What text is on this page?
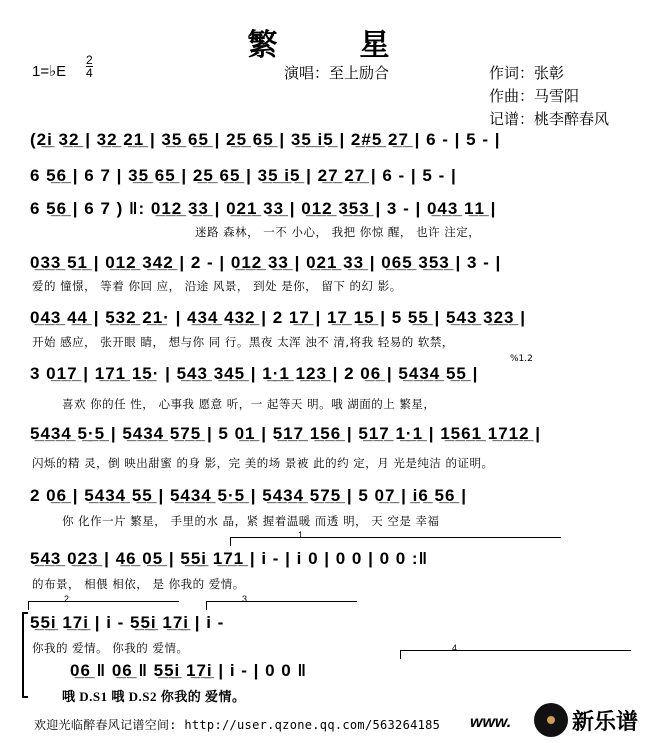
繁　星
1=♭E
2
4	演唱：至上励合	作词：张彰
作曲：马雪阳
记谱：桃李醉春风
(2̲i̲ 3̲2̲ | 3̲2̲ 2̲1̲ | 3̲5̲ 6̲5̲ | 2̲5̲ 6̲5̲ | 3̲5̲ i̲5̲ | 2̲#̲5̲ 2̲7̲ | 6 - | 5 - |
6 5̲6̲ | 6 7 | 3̲5̲ 6̲5̲ | 2̲5̲ 6̲5̲ | 3̲5̲ i̲5̲ | 2̲7̲ 2̲7̲ | 6 - | 5 - |
6 5̲6̲ | 6 7 ) ‖: 0̲1̲2̲ 3̲3̲ | 0̲2̲1̲ 3̲3̲ | 0̲1̲2̲ 3̲5̲3̲ | 3 - | 0̲4̲3̲ 1̲1̲ |
迷路 森林， 一不 小心， 我把 你惊 醒， 也许 注定，
0̲3̲3̲ 5̲1̲ | 0̲1̲2̲ 3̲4̲2̲ | 2 - | 0̲1̲2̲ 3̲3̲ | 0̲2̲1̲ 3̲3̲ | 0̲6̲5̲ 3̲5̲3̲ | 3 - |
爱的 憧憬， 等着 你回 应， 沿途 风景， 到处 是你， 留下 的幻 影。
0̲4̲3̲ 4̲4̲ | 5̲3̲2̲ 2̲1̲· | 4̲3̲4̲ 4̲3̲2̲ | 2 1̲7̲ | 1̲7̲ 1̲5̲ | 5 5̲5̲ | 5̲4̲3̲ 3̲2̲3̲ |
开始 感应， 张开眼 睛， 想与你 同 行。黑夜 太浑 浊不 清,将我 轻易的 软禁，
%1.2
3 0̲1̲7̲ | 1̲7̲1̲ 1̲5̲· | 5̲4̲3̲ 3̲4̲5̲ | 1̲·̲1̲ 1̲2̲3̲ | 2 0̲6̲ | 5̲4̲3̲4̲ 5̲5̲ |
喜欢 你的任 性， 心事我 愿意 听，一 起等天 明。哦 湖面的上 繁星，
5̲4̲3̲4̲ 5̲·̲5̲ | 5̲4̲3̲4̲ 5̲7̲5̲ | 5 0̲1̲ | 5̲1̲7̲ 1̲5̲6̲ | 5̲1̲7̲ 1̲·̲1̲ | 1̲5̲6̲1̲ 1̲7̲1̲2̲ |
闪烁的精 灵，倒 映出甜蜜 的身 影，完 美的场 景被 此的约 定，月 光是纯洁 的证明。
2 0̲6̲ | 5̲4̲3̲4̲ 5̲5̲ | 5̲4̲3̲4̲ 5̲·̲5̲ | 5̲4̲3̲4̲ 5̲7̲5̲ | 5 0̲7̲ | i̲6̲ 5̲6̲ |
你 化作一片 繁星， 手里的水 晶，紧 握着温暖 而透 明， 天 空是 幸福
1
5̲4̲3̲ 0̲2̲3̲ | 4̲6̲ 0̲5̲ | 5̲5̲i̲ 1̲7̲1̲ | i - | i 0 | 0 0 | 0 0 :‖
的布景， 相偎 相依， 是 你我的 爱情。
2	3
5̲5̲i̲ 1̲7̲i̲ | i - 5̲5̲i̲ 1̲7̲i̲ | i -
你我的 爱情。 你我的 爱情。	4
0̲6̲ ‖ 0̲6̲ ‖ 5̲5̲i̲ 1̲7̲i̲ | i - | 0 0 ‖
哦 D.S1 哦 D.S2 你我的 爱情。
欢迎光临醉春风记谱空间: http://user.qzone.qq.com/563264185 www.	新乐谱
